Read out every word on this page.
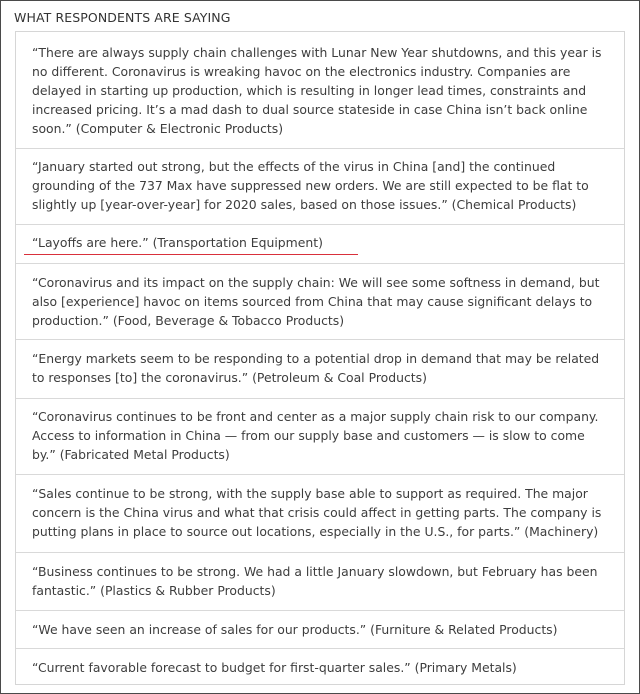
WHAT RESPONDENTS ARE SAYING

“There are always supply chain challenges with Lunar New Year shutdowns, and this year is no different. Coronavirus is wreaking havoc on the electronics industry. Companies are delayed in starting up production, which is resulting in longer lead times, constraints and increased pricing. It’s a mad dash to dual source stateside in case China isn’t back online soon.” (Computer & Electronic Products)

“January started out strong, but the effects of the virus in China [and] the continued grounding of the 737 Max have suppressed new orders. We are still expected to be flat to slightly up [year-over-year] for 2020 sales, based on those issues.” (Chemical Products)

“Layoffs are here.” (Transportation Equipment)

“Coronavirus and its impact on the supply chain: We will see some softness in demand, but also [experience] havoc on items sourced from China that may cause significant delays to production.” (Food, Beverage & Tobacco Products)

“Energy markets seem to be responding to a potential drop in demand that may be related to responses [to] the coronavirus.” (Petroleum & Coal Products)

“Coronavirus continues to be front and center as a major supply chain risk to our company. Access to information in China — from our supply base and customers — is slow to come by.” (Fabricated Metal Products)

“Sales continue to be strong, with the supply base able to support as required. The major concern is the China virus and what that crisis could affect in getting parts. The company is putting plans in place to source out locations, especially in the U.S., for parts.” (Machinery)

“Business continues to be strong. We had a little January slowdown, but February has been fantastic.” (Plastics & Rubber Products)

“We have seen an increase of sales for our products.” (Furniture & Related Products)

“Current favorable forecast to budget for first-quarter sales.” (Primary Metals)
